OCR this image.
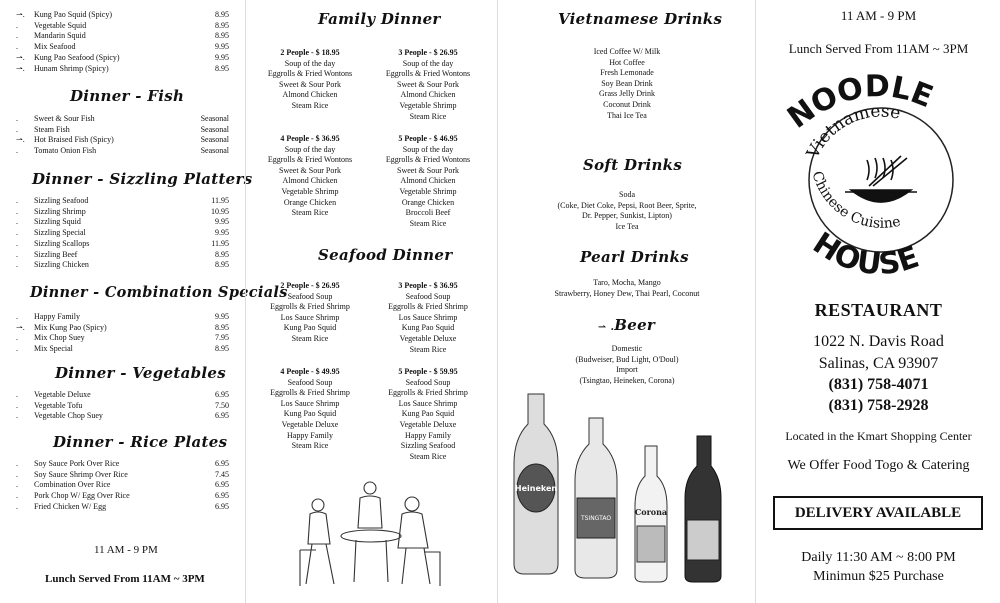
⇀.	Kung Pao Squid (Spicy)	8.95
.	Vegetable Squid	8.95
.	Mandarin Squid	8.95
.	Mix Seafood	9.95
⇀.	Kung Pao Seafood (Spicy)	9.95
⇀.	Hunam Shrimp (Spicy)	8.95
Dinner - Fish
.	Sweet & Sour Fish	Seasonal
.	Steam Fish	Seasonal
⇀.	Hot Braised Fish (Spicy)	Seasonal
.	Tomato Onion Fish	Seasonal
Dinner - Sizzling Platters
.	Sizzling Seafood	11.95
.	Sizzling Shrimp	10.95
.	Sizzling Squid	9.95
.	Sizzling Special	9.95
.	Sizzling Scallops	11.95
.	Sizzling Beef	8.95
.	Sizzling Chicken	8.95
Dinner - Combination Specials
.	Happy Family	9.95
⇀.	Mix Kung Pao (Spicy)	8.95
.	Mix Chop Suey	7.95
.	Mix Special	8.95
Dinner - Vegetables
.	Vegetable Deluxe	6.95
.	Vegetable Tofu	7.50
.	Vegetable Chop Suey	6.95
Dinner - Rice Plates
.	Soy Sauce Pork Over Rice	6.95
.	Soy Sauce Shrimp Over Rice	7.45
.	Combination Over Rice	6.95
.	Pork Chop W/ Egg Over Rice	6.95
.	Fried Chicken W/ Egg	6.95
11 AM - 9 PM
Lunch Served From 11AM ~ 3PM
Family Dinner
2 People - $ 18.95
Soup of the day
Eggrolls & Fried Wontons
Sweet & Sour Pork
Almond Chicken
Steam Rice
3 People - $ 26.95
Soup of the day
Eggrolls & Fried Wontons
Sweet & Sour Pork
Almond Chicken
Vegetable Shrimp
Steam Rice
4 People - $ 36.95
Soup of the day
Eggrolls & Fried Wontons
Sweet & Sour Pork
Almond Chicken
Vegetable Shrimp
Orange Chicken
Steam Rice
5 People - $ 46.95
Soup of the day
Eggrolls & Fried Wontons
Sweet & Sour Pork
Almond Chicken
Vegetable Shrimp
Orange Chicken
Broccoli Beef
Steam Rice
Seafood Dinner
2 People - $ 26.95
Seafood Soup
Eggrolls & Fried Shrimp
Los Sauce Shrimp
Kung Pao Squid
Steam Rice
3 People - $ 36.95
Seafood Soup
Eggrolls & Fried Shrimp
Los Sauce Shrimp
Kung Pao Squid
Vegetable Deluxe
Steam Rice
4 People - $ 49.95
Seafood Soup
Eggrolls & Fried Shrimp
Los Sauce Shrimp
Kung Pao Squid
Vegetable Deluxe
Happy Family
Steam Rice
5 People - $ 59.95
Seafood Soup
Eggrolls & Fried Shrimp
Los Sauce Shrimp
Kung Pao Squid
Vegetable Deluxe
Happy Family
Sizzling Seafood
Steam Rice
Vietnamese Drinks
Iced Coffee W/ Milk
Hot Coffee
Fresh Lemonade
Soy Bean Drink
Grass Jelly Drink
Coconut Drink
Thai Ice Tea
Soft Drinks
Soda
(Coke, Diet Coke, Pepsi, Root Beer, Sprite,
Dr. Pepper, Sunkist, Lipton)
Ice Tea
Pearl Drinks
Taro, Mocha, Mango
Strawberry, Honey Dew, Thai Pearl, Coconut
⇀ .Beer
Domestic
(Budweiser, Bud Light, O'Doul)
Import
(Tsingtao, Heineken, Corona)
Heineken
TSINGTAO
Corona
11 AM - 9 PM
Lunch Served From 11AM ~ 3PM
NOODLE
HOUSE
Vietnamese
Chinese Cuisine
RESTAURANT
1022 N. Davis Road
Salinas, CA 93907
(831) 758-4071
(831) 758-2928
Located in the Kmart Shopping Center
We Offer Food Togo & Catering
DELIVERY AVAILABLE
Daily 11:30 AM ~ 8:00 PM
Minimun $25 Purchase
